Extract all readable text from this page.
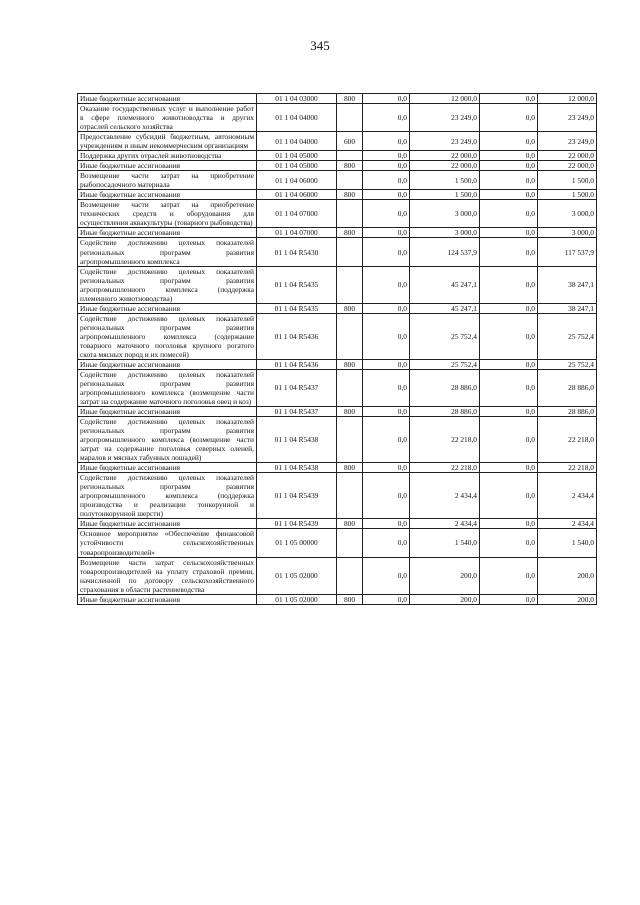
345
Иные бюджетные ассигнования	01 1 04 03000	800	0,0	12 000,0	0,0	12 000,0
Оказание государственных услуг и выполнение работ в сфере племенного животноводства и других отраслей сельского хозяйства	01 1 04 04000		0,0	23 249,0	0,0	23 249,0
Предоставление субсидий бюджетным, автономным учреждениям и иным некоммерческим организациям	01 1 04 04000	600	0,0	23 249,0	0,0	23 249,0
Поддержка других отраслей животноводства	01 1 04 05000		0,0	22 000,0	0,0	22 000,0
Иные бюджетные ассигнования	01 1 04 05000	800	0,0	22 000,0	0,0	22 000,0
Возмещение части затрат на приобретение рыбопосадочного материала	01 1 04 06000		0,0	1 500,0	0,0	1 500,0
Иные бюджетные ассигнования	01 1 04 06000	800	0,0	1 500,0	0,0	1 500,0
Возмещение части затрат на приобретение технических средств и оборудования для осуществления аквакультуры (товарного рыбоводства)	01 1 04 07000		0,0	3 000,0	0,0	3 000,0
Иные бюджетные ассигнования	01 1 04 07000	800	0,0	3 000,0	0,0	3 000,0
Содействие достижению целевых показателей региональных программ развития агропромышленного комплекса	01 1 04 R5430		0,0	124 537,9	0,0	117 537,9
Содействие достижению целевых показателей региональных программ развития агропромышленного комплекса (поддержка племенного животноводства)	01 1 04 R5435		0,0	45 247,1	0,0	38 247,1
Иные бюджетные ассигнования	01 1 04 R5435	800	0,0	45 247,1	0,0	38 247,1
Содействие достижению целевых показателей региональных программ развития агропромышленного комплекса (содержание товарного маточного поголовья крупного рогатого скота мясных пород и их помесей)	01 1 04 R5436		0,0	25 752,4	0,0	25 752,4
Иные бюджетные ассигнования	01 1 04 R5436	800	0,0	25 752,4	0,0	25 752,4
Содействие достижению целевых показателей региональных программ развития агропромышленного комплекса (возмещение части затрат на содержание маточного поголовья овец и коз)	01 1 04 R5437		0,0	28 886,0	0,0	28 886,0
Иные бюджетные ассигнования	01 1 04 R5437	800	0,0	28 886,0	0,0	28 886,0
Содействие достижению целевых показателей региональных программ развития агропромышленного комплекса (возмещение части затрат на содержание поголовья северных оленей, маралов и мясных табунных лошадей)	01 1 04 R5438		0,0	22 218,0	0,0	22 218,0
Иные бюджетные ассигнования	01 1 04 R5438	800	0,0	22 218,0	0,0	22 218,0
Содействие достижению целевых показателей региональных программ развития агропромышленного комплекса (поддержка производства и реализации тонкорунной и полутонкорунной шерсти)	01 1 04 R5439		0,0	2 434,4	0,0	2 434,4
Иные бюджетные ассигнования	01 1 04 R5439	800	0,0	2 434,4	0,0	2 434,4
Основное мероприятие «Обеспечение финансовой устойчивости сельскохозяйственных товаропроизводителей»	01 1 05 00000		0,0	1 540,0	0,0	1 540,0
Возмещение части затрат сельскохозяйственных товаропроизводителей на уплату страховой премии, начисленной по договору сельскохозяйственного страхования в области растениеводства	01 1 05 02000		0,0	200,0	0,0	200,0
Иные бюджетные ассигнования	01 1 05 02000	800	0,0	200,0	0,0	200,0
